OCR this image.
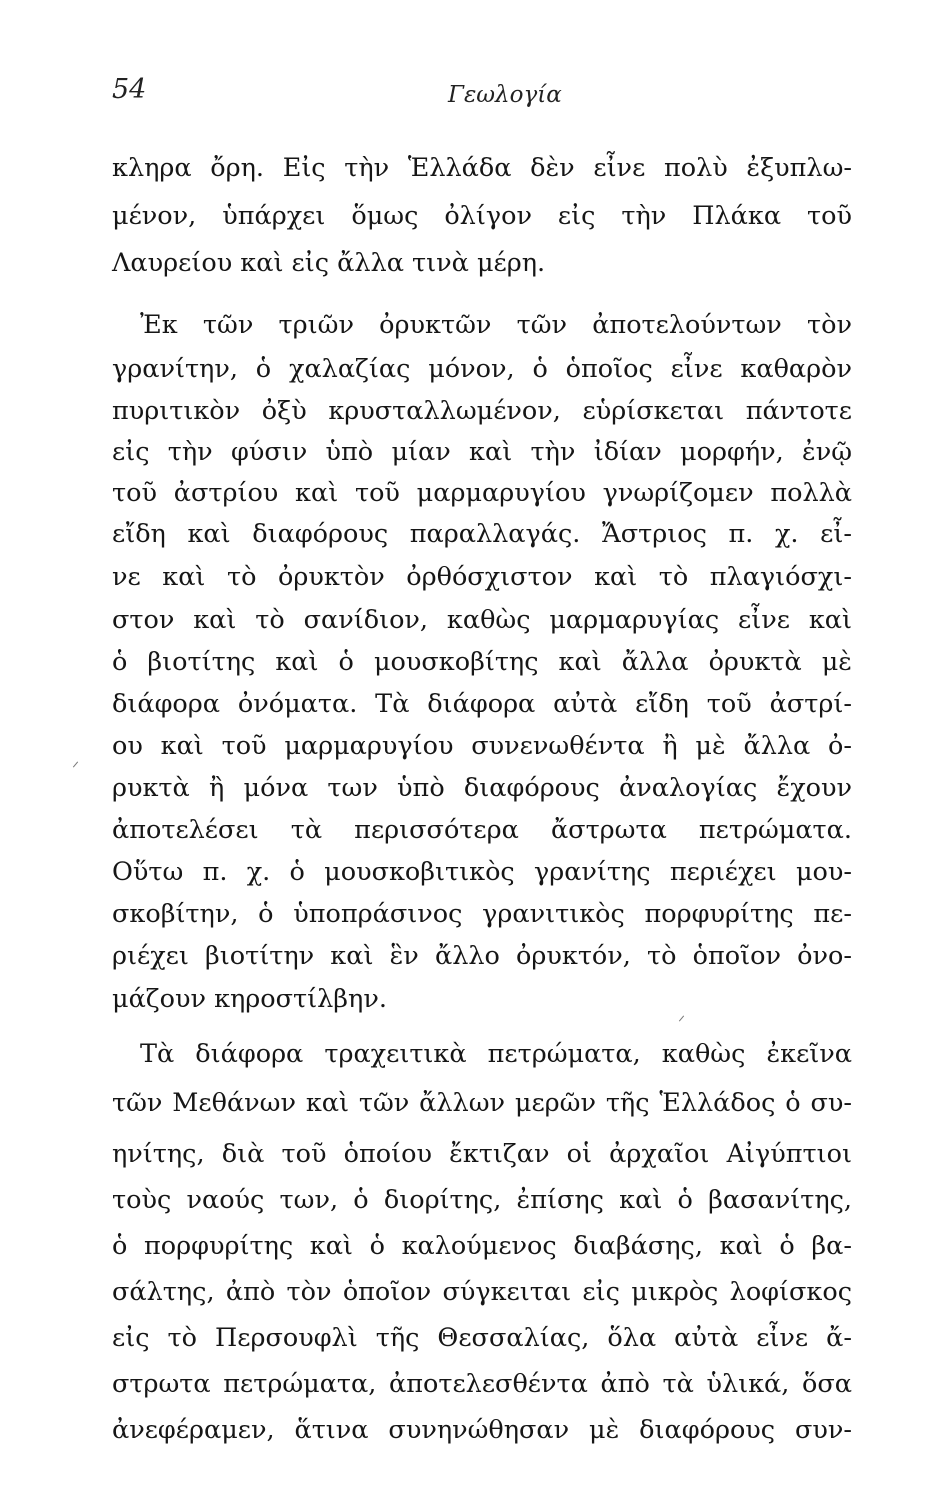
54	Γεωλογία
κληρα ὄρη. Εἰς τὴν Ἑλλάδα δὲν εἶνε πολὺ ἐξυπλω-
μένον, ὑπάρχει ὅμως ὀλίγον εἰς τὴν Πλάκα τοῦ
Λαυρείου καὶ εἰς ἄλλα τινὰ μέρη.
Ἐκ τῶν τριῶν ὀρυκτῶν τῶν ἀποτελούντων τὸν
γρανίτην, ὁ χαλαζίας μόνον, ὁ ὁποῖος εἶνε καθαρὸν
πυριτικὸν ὀξὺ κρυσταλλωμένον, εὑρίσκεται πάντοτε
εἰς τὴν φύσιν ὑπὸ μίαν καὶ τὴν ἰδίαν μορφήν, ἐνῷ
τοῦ ἀστρίου καὶ τοῦ μαρμαρυγίου γνωρίζομεν πολλὰ
εἴδη καὶ διαφόρους παραλλαγάς. Ἄστριος π. χ. εἶ-
νε καὶ τὸ ὀρυκτὸν ὀρθόσχιστον καὶ τὸ πλαγιόσχι-
στον καὶ τὸ σανίδιον, καθὼς μαρμαρυγίας εἶνε καὶ
ὁ βιοτίτης καὶ ὁ μουσκοβίτης καὶ ἄλλα ὀρυκτὰ μὲ
διάφορα ὀνόματα. Τὰ διάφορα αὐτὰ εἴδη τοῦ ἀστρί-
ου καὶ τοῦ μαρμαρυγίου συνενωθέντα ἢ μὲ ἄλλα ὀ-
ρυκτὰ ἢ μόνα των ὑπὸ διαφόρους ἀναλογίας ἔχουν
ἀποτελέσει τὰ περισσότερα ἄστρωτα πετρώματα.
Οὕτω π. χ. ὁ μουσκοβιτικὸς γρανίτης περιέχει μου-
σκοβίτην, ὁ ὑποπράσινος γρανιτικὸς πορφυρίτης πε-
ριέχει βιοτίτην καὶ ἓν ἄλλο ὀρυκτόν, τὸ ὁποῖον ὀνο-
μάζουν κηροστίλβην.
Τὰ διάφορα τραχειτικὰ πετρώματα, καθὼς ἐκεῖνα
τῶν Μεθάνων καὶ τῶν ἄλλων μερῶν τῆς Ἑλλάδος ὁ συ-
ηνίτης, διὰ τοῦ ὁποίου ἔκτιζαν οἱ ἀρχαῖοι Αἰγύπτιοι
τοὺς ναούς των, ὁ διορίτης, ἐπίσης καὶ ὁ βασανίτης,
ὁ πορφυρίτης καὶ ὁ καλούμενος διαβάσης, καὶ ὁ βα-
σάλτης, ἀπὸ τὸν ὁποῖον σύγκειται εἰς μικρὸς λοφίσκος
εἰς τὸ Περσουφλὶ τῆς Θεσσαλίας, ὅλα αὐτὰ εἶνε ἄ-
στρωτα πετρώματα, ἀποτελεσθέντα ἀπὸ τὰ ὑλικά, ὅσα
ἀνεφέραμεν, ἅτινα συνηνώθησαν μὲ διαφόρους συν-
